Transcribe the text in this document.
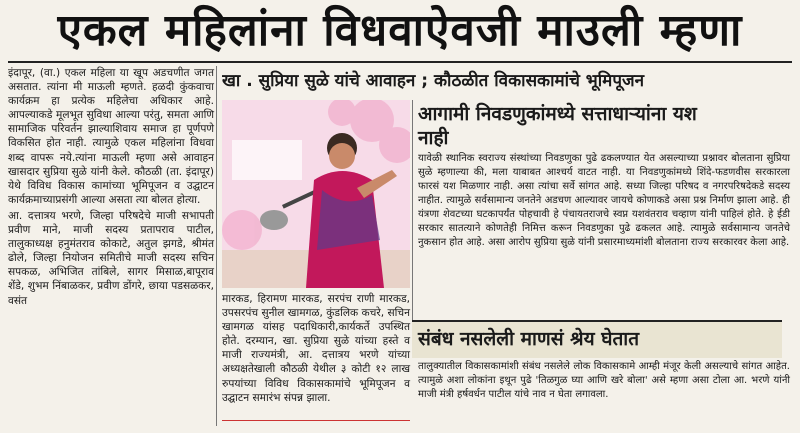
एकल महिलांना विधवाऐवजी माउली म्हणा

इंदापूर, (वा.) एकल महिला या खूप अडचणीत जगत असतात. त्यांना मी माऊली म्हणते. हळदी कुंकवाचा कार्यक्रम हा प्रत्येक महिलेचा अधिकार आहे. आपल्याकडे मूलभूत सुविधा आल्या परंतु, समता आणि सामाजिक परिवर्तन झाल्याशिवाय समाज हा पूर्णपणे विकसित होत नाही. त्यामुळे एकल महिलांना विधवा शब्द वापरू नये.त्यांना माऊली म्हणा असे आवाहन खासदार सुप्रिया सुळे यांनी केले. कौठळी (ता. इंदापूर) येथे विविध विकास कामांच्या भूमिपूजन व उद्घाटन कार्यक्रमाच्याप्रसंगी आल्या असता त्या बोलत होत्या.

आ. दत्तात्रय भरणे, जिल्हा परिषदेचे माजी सभापती प्रवीण माने, माजी सदस्य प्रतापराव पाटील, तालुकाध्यक्ष हनुमंतराव कोकाटे, अतुल झगडे, श्रीमंत ढोले, जिल्हा नियोजन समितीचे माजी सदस्य सचिन सपकळ, अभिजित तांबिले, सागर मिसाळ,बापूराव शेंडे, शुभम निंबाळकर, प्रवीण डोंगरे, छाया पडसळकर, वसंत

खा . सुप्रिया सुळे यांचे आवाहन ; कौठळीत विकासकामांचे भूमिपूजन
मारकड, हिरामण मारकड, सरपंच राणी मारकड, उपसरपंच सुनील खामगळ, कुंडलिक कचरे, सचिन खामगळ यांसह पदाधिकारी,कार्यकर्ते उपस्थित होते. दरम्यान, खा. सुप्रिया सुळे यांच्या हस्ते व माजी राज्यमंत्री, आ. दत्तात्रय भरणे यांच्या अध्यक्षतेखाली कौठळी येथील ३ कोटी १२ लाख रुपयांच्या विविध विकासकामांचे भूमिपूजन व उद्घाटन समारंभ संपन्न झाला.
आगामी निवडणुकांमध्ये सत्ताधाऱ्यांना यश नाही
यावेळी स्थानिक स्वराज्य संस्थांच्या निवडणुका पुढे ढकलण्यात येत असल्याच्या प्रश्नावर बोलताना सुप्रिया सुळे म्हणाल्या की, मला याबाबत आश्चर्य वाटत नाही. या निवडणुकांमध्ये शिंदे-फडणवीस सरकारला फारसं यश मिळणार नाही. असा त्यांचा सर्वे सांगत आहे. सध्या जिल्हा परिषद व नगरपरिषदेकडे सदस्य नाहीत. त्यामुळे सर्वसामान्य जनतेने अडचण आल्यावर जायचे कोणाकडे असा प्रश्न निर्माण झाला आहे. ही यंत्रणा शेवटच्या घटकापर्यंत पोहचावी हे पंचायतराजचे स्वप्न यशवंतराव चव्हाण यांनी पाहिलं होते. हे ईडी सरकार सातत्याने कोणतेही निमित्त करून निवडणुका पुढे ढकलत आहे. त्यामुळे सर्वसामान्य जनतेचे नुकसान होत आहे. असा आरोप सुप्रिया सुळे यांनी प्रसारमाध्यमांशी बोलताना राज्य सरकारवर केला आहे.
संबंध नसलेली माणसं श्रेय घेतात
तालुक्यातील विकासकामांशी संबंध नसलेले लोक विकासकामे आम्ही मंजूर केली असल्याचे सांगत आहेत. त्यामुळे अशा लोकांना इथून पुढे 'तिळगुळ घ्या आणि खरे बोला' असे म्हणा असा टोला आ. भरणे यांनी माजी मंत्री हर्षवर्धन पाटील यांचे नाव न घेता लगावला.
